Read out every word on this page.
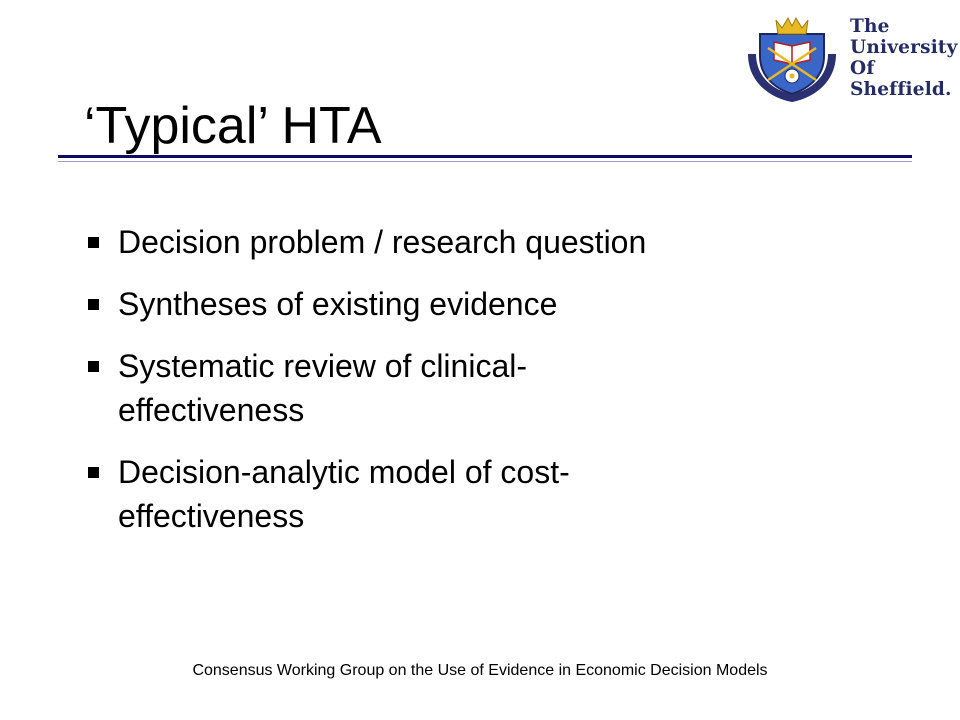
The
University
Of
Sheffield.
‘Typical’ HTA
Decision problem / research question
Syntheses of existing evidence
Systematic review of clinical-
effectiveness
Decision-analytic model of cost-
effectiveness
Consensus Working Group on the Use of Evidence in Economic Decision Models
